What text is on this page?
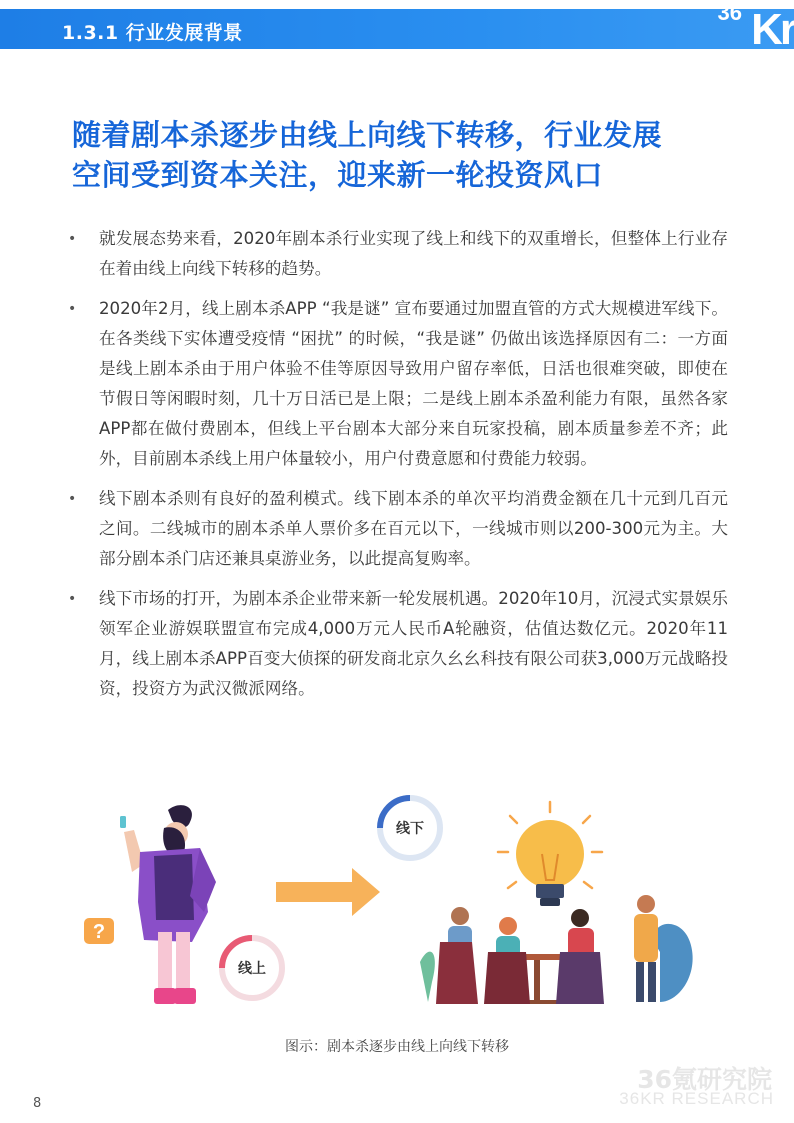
1.3.1 行业发展背景
36 Kr
随着剧本杀逐步由线上向线下转移，行业发展
空间受到资本关注，迎来新一轮投资风口
• 就发展态势来看，2020年剧本杀行业实现了线上和线下的双重增长，但整体上行业存在着由线上向线下转移的趋势。
• 2020年2月，线上剧本杀APP “我是谜” 宣布要通过加盟直管的方式大规模进军线下。在各类线下实体遭受疫情 “困扰” 的时候，“我是谜” 仍做出该选择原因有二：一方面是线上剧本杀由于用户体验不佳等原因导致用户留存率低，日活也很难突破，即使在节假日等闲暇时刻，几十万日活已是上限；二是线上剧本杀盈利能力有限，虽然各家APP都在做付费剧本，但线上平台剧本大部分来自玩家投稿，剧本质量参差不齐；此外，目前剧本杀线上用户体量较小，用户付费意愿和付费能力较弱。
• 线下剧本杀则有良好的盈利模式。线下剧本杀的单次平均消费金额在几十元到几百元之间。二线城市的剧本杀单人票价多在百元以下，一线城市则以200-300元为主。大部分剧本杀门店还兼具桌游业务，以此提高复购率。
• 线下市场的打开，为剧本杀企业带来新一轮发展机遇。2020年10月，沉浸式实景娱乐领军企业游娱联盟宣布完成4,000万元人民币A轮融资，估值达数亿元。2020年11月，线上剧本杀APP百变大侦探的研发商北京久幺幺科技有限公司获3,000万元战略投资，投资方为武汉微派网络。
?
线上
线下
图示：剧本杀逐步由线上向线下转移
36氪研究院
36KR RESEARCH
8
